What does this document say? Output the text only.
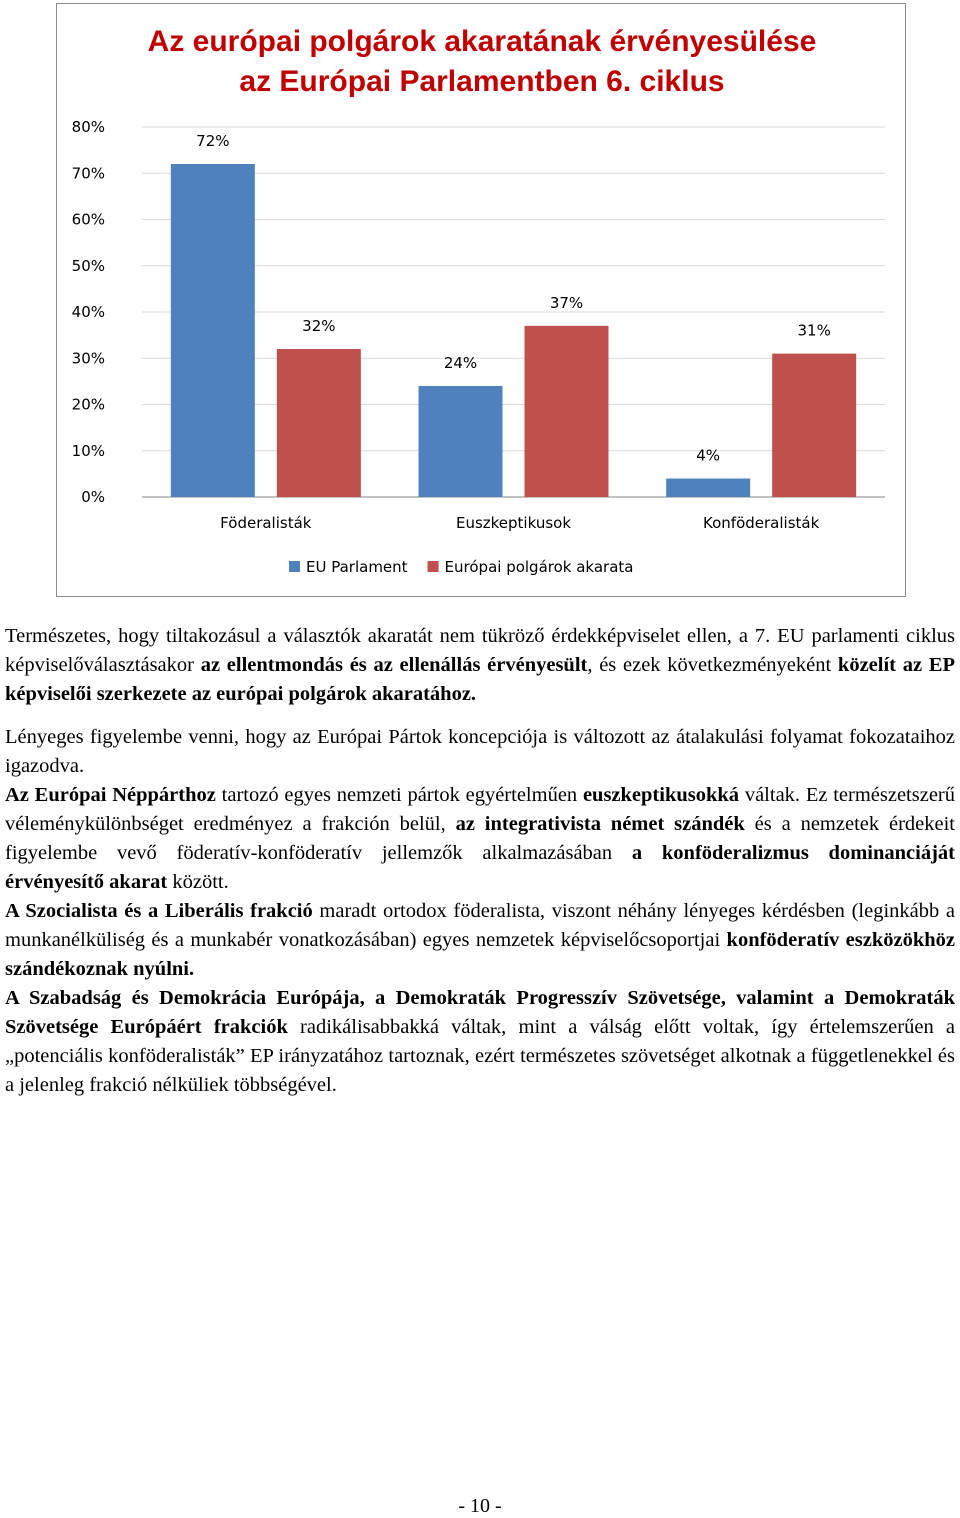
Az európai polgárok akaratának érvényesülése
az Európai Parlamentben 6. ciklus
0%
10%
20%
30%
40%
50%
60%
70%
80%
72%
32%
Föderalisták
24%
37%
Euszkeptikusok
4%
31%
Konföderalisták
EU Parlament Európai polgárok akarata

Természetes, hogy tiltakozásul a választók akaratát nem tükröző érdekképviselet ellen, a 7. EU parlamenti ciklus képviselőválasztásakor az ellentmondás és az ellenállás érvényesült, és ezek következményeként közelít az EP képviselői szerkezete az európai polgárok akaratához.

Lényeges figyelembe venni, hogy az Európai Pártok koncepciója is változott az átalakulási folyamat fokozataihoz igazodva.

Az Európai Néppárthoz tartozó egyes nemzeti pártok egyértelműen euszkeptikusokká váltak. Ez természetszerű véleménykülönbséget eredményez a frakción belül, az integrativista német szándék és a nemzetek érdekeit figyelembe vevő föderatív-konföderatív jellemzők alkalmazásában a konföderalizmus dominanciáját érvényesítő akarat között.

A Szocialista és a Liberális frakció maradt ortodox föderalista, viszont néhány lényeges kérdésben (leginkább a munkanélküliség és a munkabér vonatkozásában) egyes nemzetek képviselőcsoportjai konföderatív eszközökhöz szándékoznak nyúlni.

A Szabadság és Demokrácia Európája, a Demokraták Progresszív Szövetsége, valamint a Demokraták Szövetsége Európáért frakciók radikálisabbakká váltak, mint a válság előtt voltak, így értelemszerűen a „potenciális konföderalisták” EP irányzatához tartoznak, ezért természetes szövetséget alkotnak a függetlenekkel és a jelenleg frakció nélküliek többségével.

- 10 -
